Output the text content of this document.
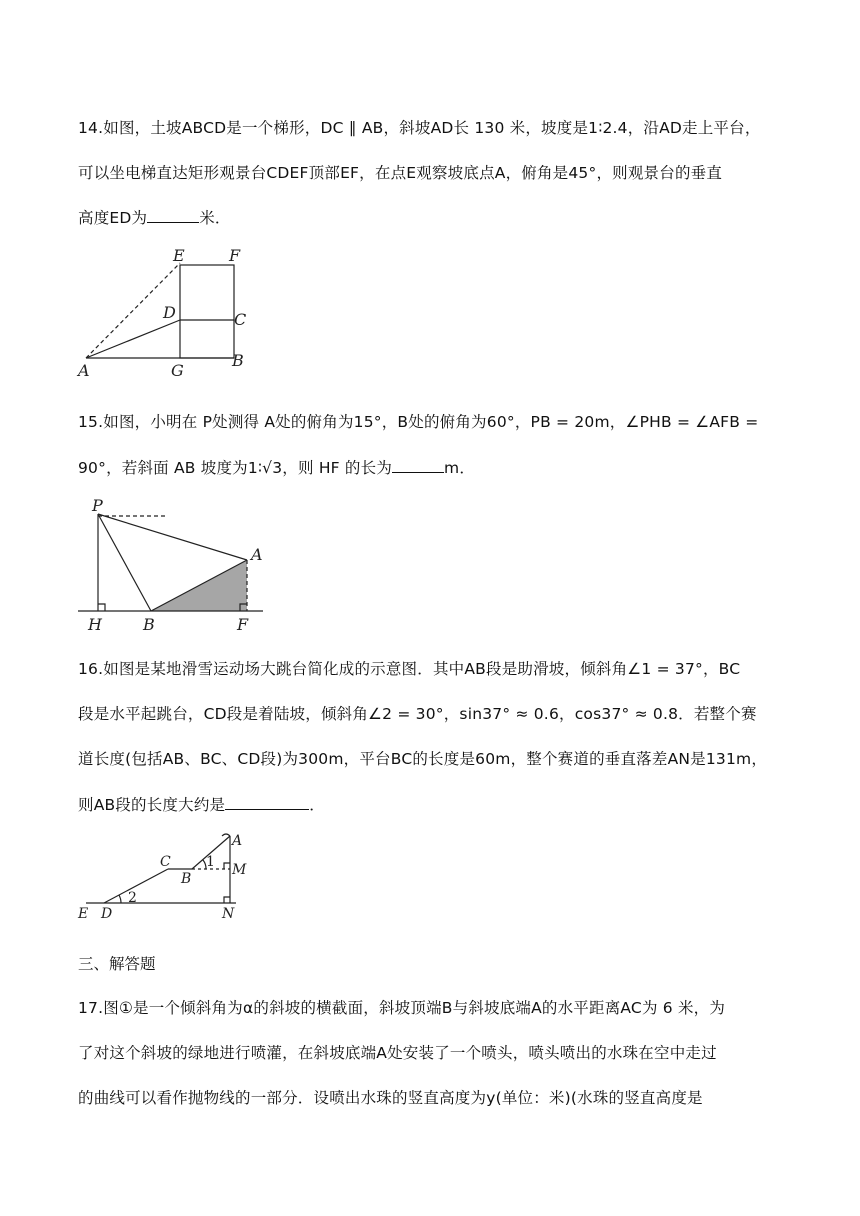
14.如图，土坡ABCD是一个梯形，DC ∥ AB，斜坡AD长 130 米，坡度是1∶2.4，沿AD走上平台，
可以坐电梯直达矩形观景台CDEF顶部EF，在点E观察坡底点A，俯角是45°，则观景台的垂直
高度ED为	米．
E	F
D	C
A	G
B
15.如图，小明在 P处测得 A处的俯角为15°，B处的俯角为60°，PB = 20m，∠PHB = ∠AFB =
90°，若斜面 AB 坡度为1∶√3，则 HF 的长为	m．
P
A
H	B	F
16.如图是某地滑雪运动场大跳台简化成的示意图．其中AB段是助滑坡，倾斜角∠1 = 37°，BC
段是水平起跳台，CD段是着陆坡，倾斜角∠2 = 30°，sin37° ≈ 0.6，cos37° ≈ 0.8．若整个赛
道长度(包括AB、BC、CD段)为300m，平台BC的长度是60m，整个赛道的垂直落差AN是131m，
则AB段的长度大约是	．
A
C	1 M
B
E D
2
N
三、解答题
17.图①是一个倾斜角为α的斜坡的横截面，斜坡顶端B与斜坡底端A的水平距离AC为 6 米，为
了对这个斜坡的绿地进行喷灌，在斜坡底端A处安装了一个喷头，喷头喷出的水珠在空中走过
的曲线可以看作抛物线的一部分．设喷出水珠的竖直高度为y(单位：米)(水珠的竖直高度是
